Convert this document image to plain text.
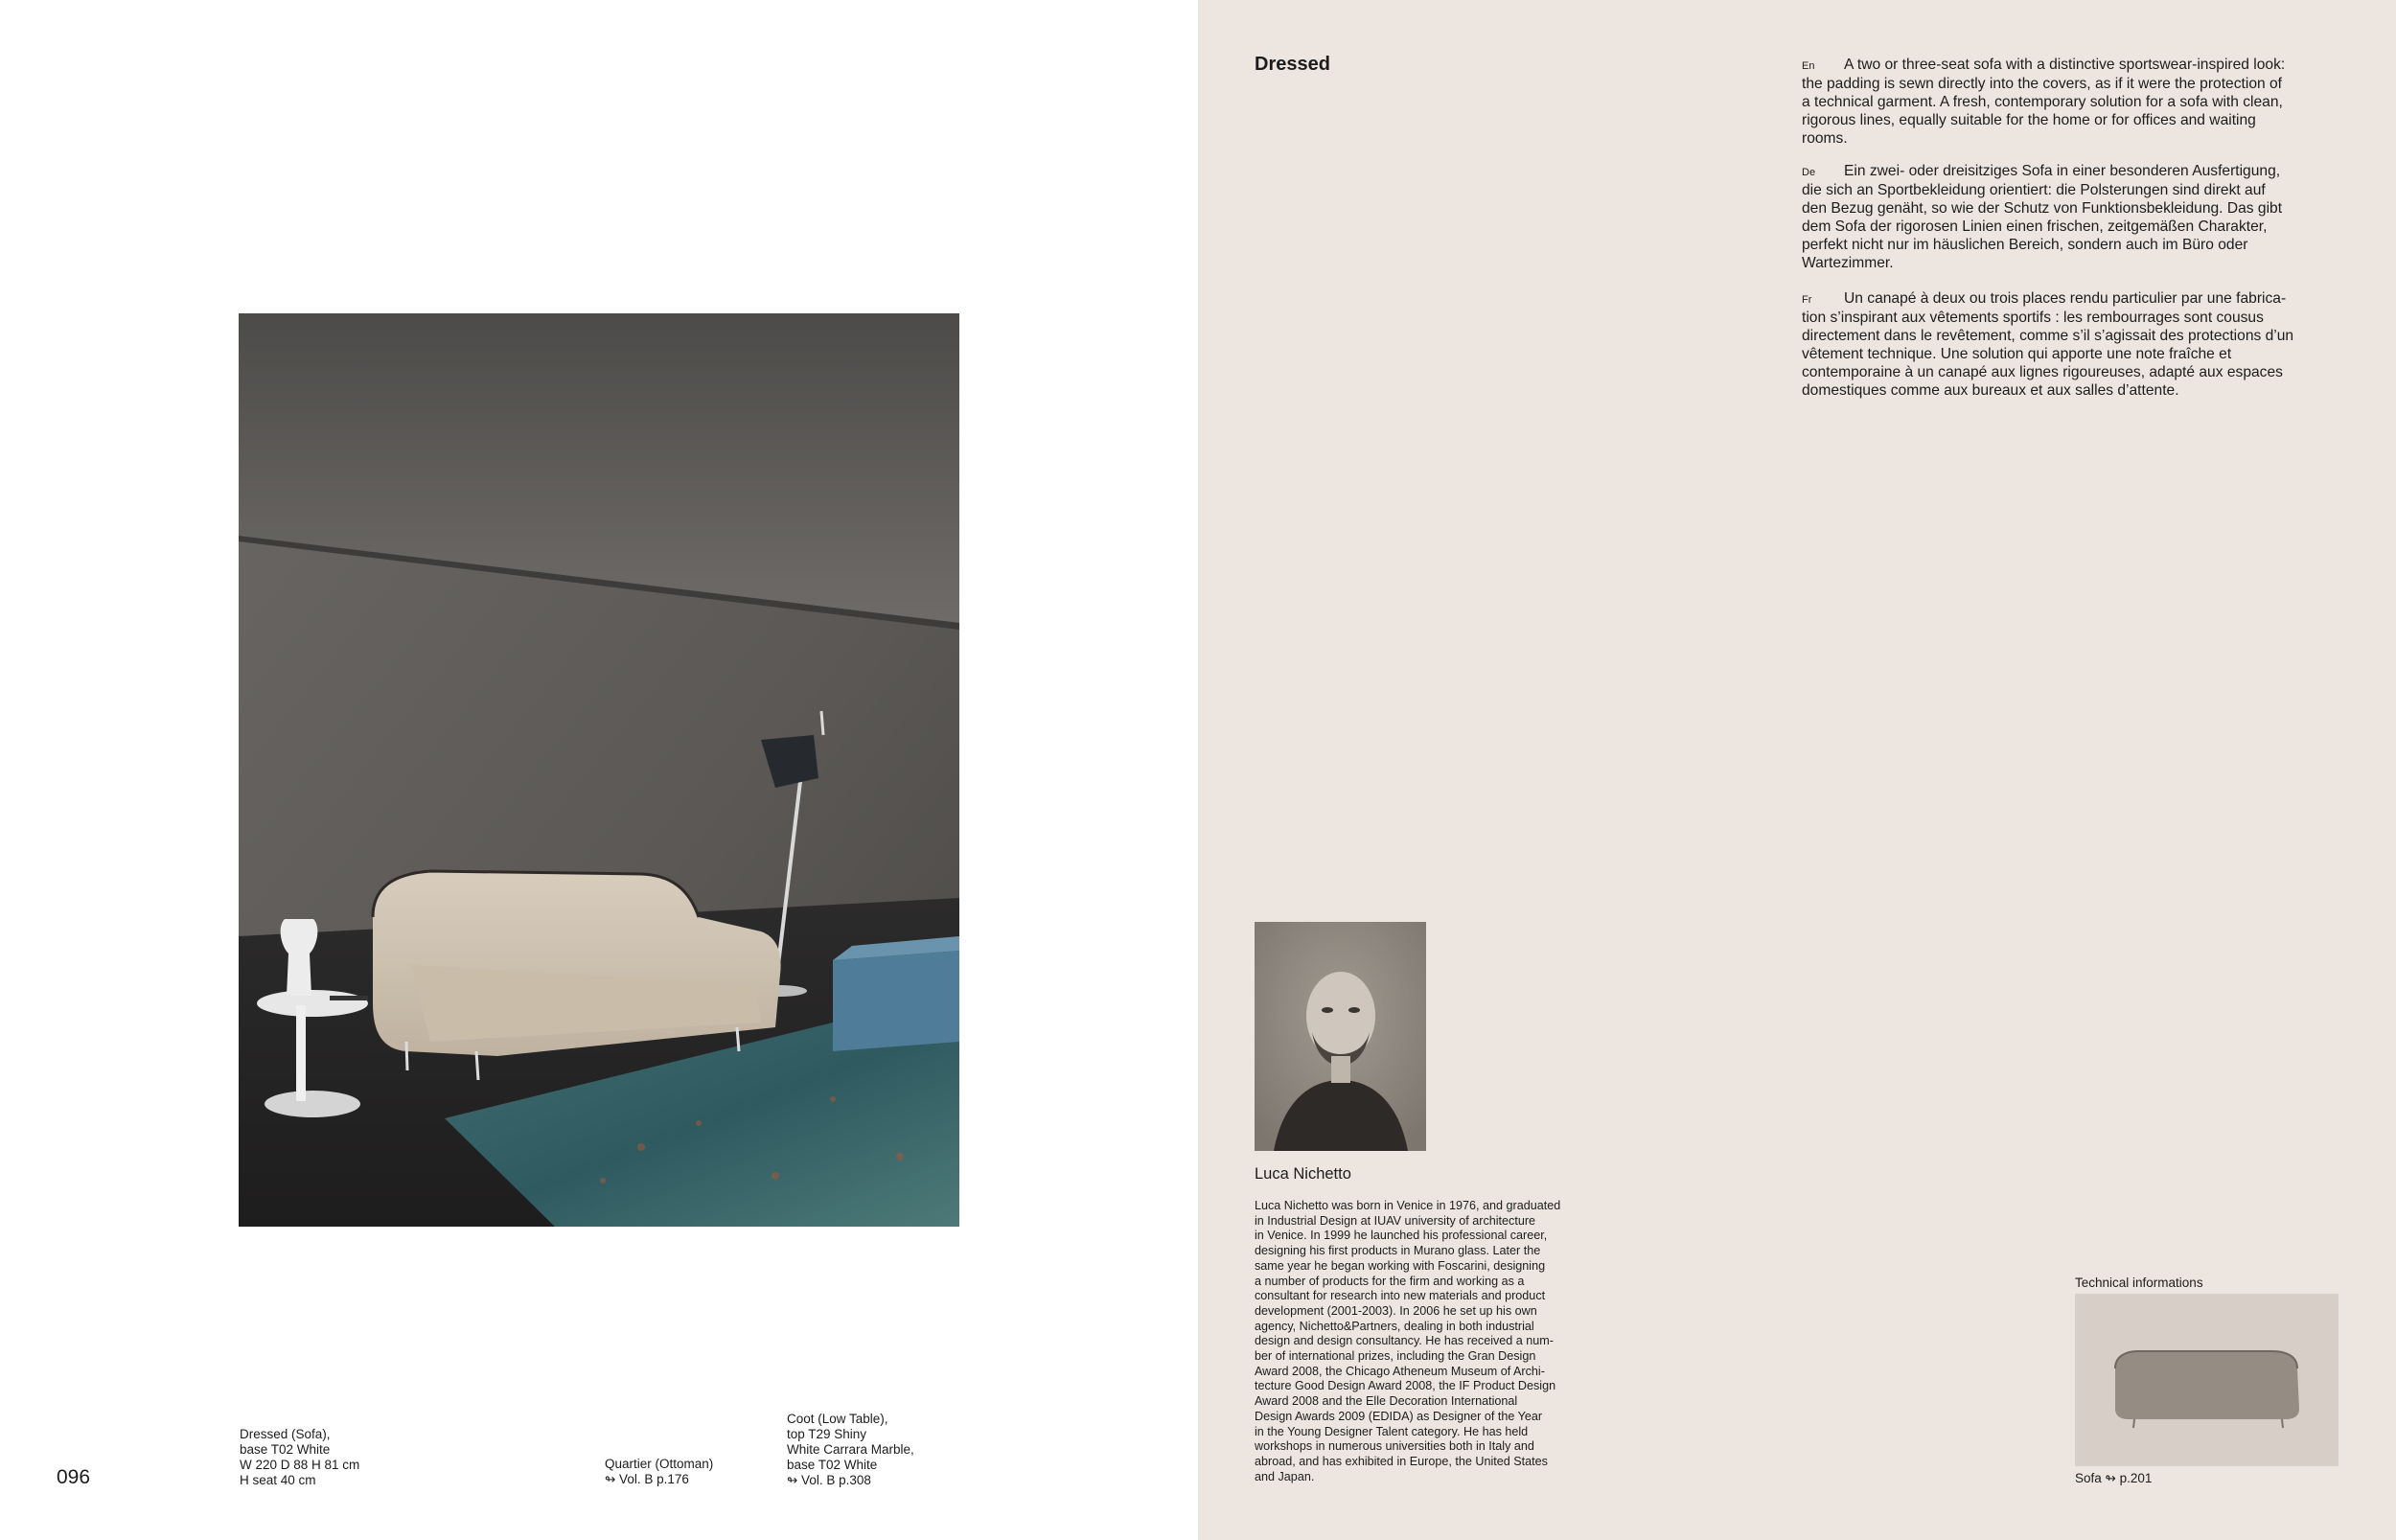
Dressed (Sofa),
base T02 White
W 220 D 88 H 81 cm
H seat 40 cm
Quartier (Ottoman)
↬ Vol. B p.176
Coot (Low Table),
top T29 Shiny
White Carrara Marble,
base T02 White
↬ Vol. B p.308
096
Dressed	En A two or three-seat sofa with a distinctive sportswear-inspired look:

the padding is sewn directly into the covers, as if it were the protection of

a technical garment. A fresh, contemporary solution for a sofa with clean,

rigorous lines, equally suitable for the home or for offices and waiting

rooms.

De Ein zwei- oder dreisitziges Sofa in einer besonderen Ausfertigung,

die sich an Sportbekleidung orientiert: die Polsterungen sind direkt auf

den Bezug genäht, so wie der Schutz von Funktionsbekleidung. Das gibt

dem Sofa der rigorosen Linien einen frischen, zeitgemäßen Charakter,

perfekt nicht nur im häuslichen Bereich, sondern auch im Büro oder

Wartezimmer.

Fr Un canapé à deux ou trois places rendu particulier par une fabrica-

tion s’inspirant aux vêtements sportifs : les rembourrages sont cousus

directement dans le revêtement, comme s’il s’agissait des protections d’un

vêtement technique. Une solution qui apporte une note fraîche et

contemporaine à un canapé aux lignes rigoureuses, adapté aux espaces

domestiques comme aux bureaux et aux salles d’attente.

Luca Nichetto
Luca Nichetto was born in Venice in 1976, and graduated
in Industrial Design at IUAV university of architecture
in Venice. In 1999 he launched his professional career,
designing his first products in Murano glass. Later the
same year he began working with Foscarini, designing
a number of products for the firm and working as a
consultant for research into new materials and product
development (2001-2003). In 2006 he set up his own
agency, Nichetto&Partners, dealing in both industrial
design and design consultancy. He has received a num-
ber of international prizes, including the Gran Design
Award 2008, the Chicago Atheneum Museum of Archi-
tecture Good Design Award 2008, the IF Product Design
Award 2008 and the Elle Decoration International
Design Awards 2009 (EDIDA) as Designer of the Year
in the Young Designer Talent category. He has held
workshops in numerous universities both in Italy and
abroad, and has exhibited in Europe, the United States
and Japan.
Technical informations
Sofa ↬ p.201
